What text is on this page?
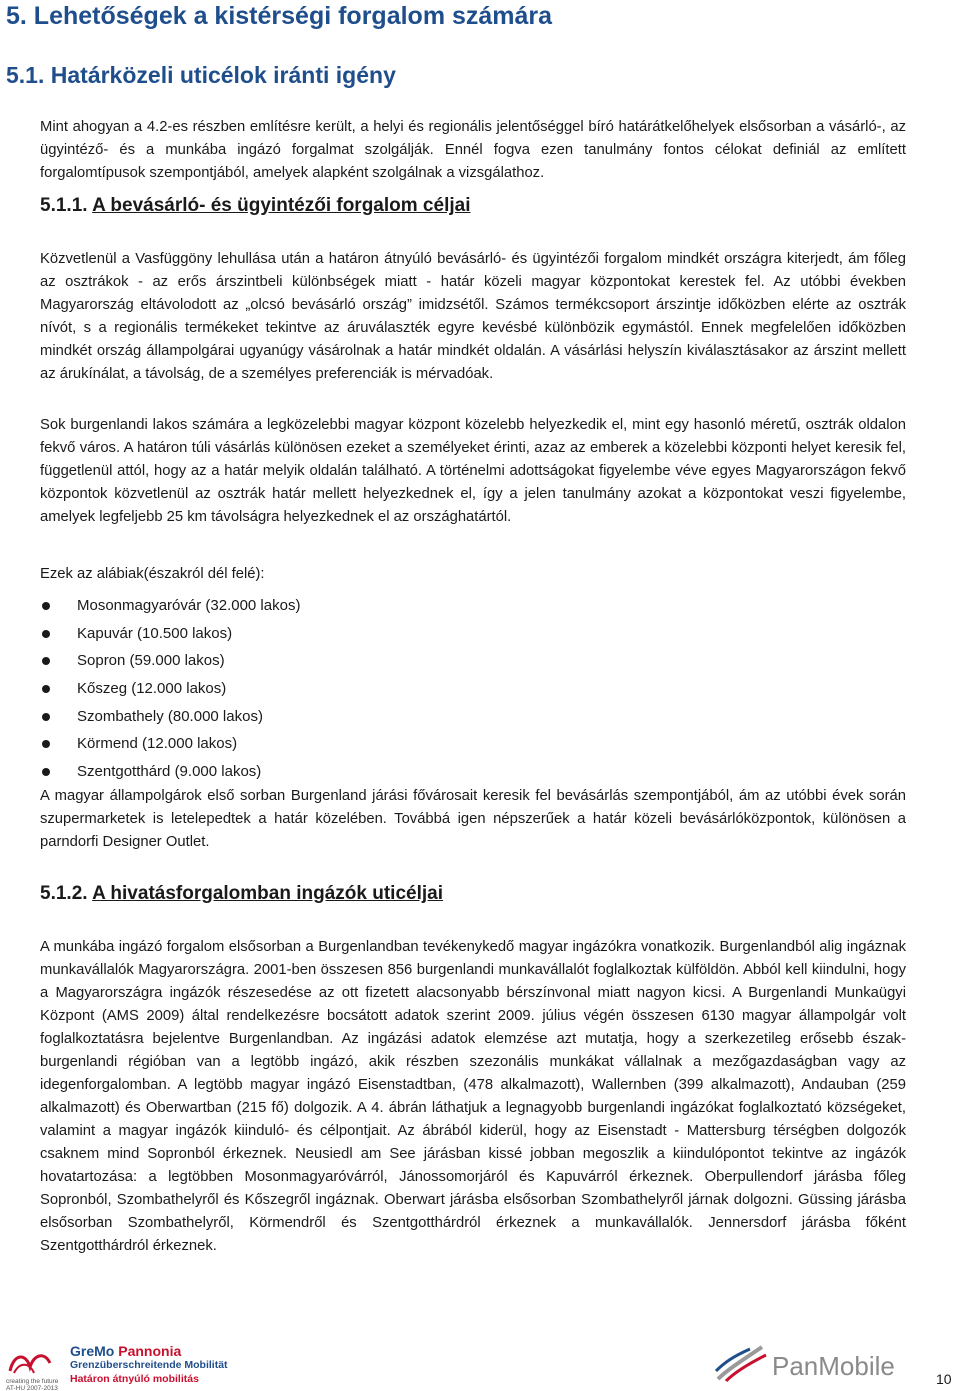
5. Lehetőségek a kistérségi forgalom számára
5.1. Határközeli uticélok iránti igény

Mint ahogyan a 4.2-es részben említésre került, a helyi és regionális jelentőséggel bíró határátkelőhelyek elsősorban a vásárló-, az ügyintéző- és a munkába ingázó forgalmat szolgálják. Ennél fogva ezen tanulmány fontos célokat definiál az említett forgalomtípusok szempontjából, amelyek alapként szolgálnak a vizsgálathoz.

5.1.1. A bevásárló- és ügyintézői forgalom céljai

Közvetlenül a Vasfüggöny lehullása után a határon átnyúló bevásárló- és ügyintézői forgalom mindkét országra kiterjedt, ám főleg az osztrákok - az erős árszintbeli különbségek miatt - határ közeli magyar központokat kerestek fel. Az utóbbi években Magyarország eltávolodott az „olcsó bevásárló ország” imidzsétől. Számos termékcsoport árszintje időközben elérte az osztrák nívót, s a regionális termékeket tekintve az áruválaszték egyre kevésbé különbözik egymástól. Ennek megfelelően időközben mindkét ország állampolgárai ugyanúgy vásárolnak a határ mindkét oldalán. A vásárlási helyszín kiválasztásakor az árszint mellett az árukínálat, a távolság, de a személyes preferenciák is mérvadóak.

Sok burgenlandi lakos számára a legközelebbi magyar központ közelebb helyezkedik el, mint egy hasonló méretű, osztrák oldalon fekvő város. A határon túli vásárlás különösen ezeket a személyeket érinti, azaz az emberek a közelebbi központi helyet keresik fel, függetlenül attól, hogy az a határ melyik oldalán található. A történelmi adottságokat figyelembe véve egyes Magyarországon fekvő központok közvetlenül az osztrák határ mellett helyezkednek el, így a jelen tanulmány azokat a központokat veszi figyelembe, amelyek legfeljebb 25 km távolságra helyezkednek el az országhatártól.

Ezek az alábiak(északról dél felé):

Mosonmagyaróvár (32.000 lakos)
Kapuvár (10.500 lakos)
Sopron (59.000 lakos)
Kőszeg (12.000 lakos)
Szombathely (80.000 lakos)
Körmend (12.000 lakos)
Szentgotthárd (9.000 lakos)

A magyar állampolgárok első sorban Burgenland járási fővárosait keresik fel bevásárlás szempontjából, ám az utóbbi évek során szupermarketek is letelepedtek a határ közelében. Továbbá igen népszerűek a határ közeli bevásárlóközpontok, különösen a parndorfi Designer Outlet.

5.1.2. A hivatásforgalomban ingázók uticéljai

A munkába ingázó forgalom elsősorban a Burgenlandban tevékenykedő magyar ingázókra vonatkozik. Burgenlandból alig ingáznak munkavállalók Magyarországra. 2001-ben összesen 856 burgenlandi munkavállalót foglalkoztak külföldön. Abból kell kiindulni, hogy a Magyarországra ingázók részesedése az ott fizetett alacsonyabb bérszínvonal miatt nagyon kicsi. A Burgenlandi Munkaügyi Központ (AMS 2009) által rendelkezésre bocsátott adatok szerint 2009. július végén összesen 6130 magyar állampolgár volt foglalkoztatásra bejelentve Burgenlandban. Az ingázási adatok elemzése azt mutatja, hogy a szerkezetileg erősebb észak-burgenlandi régióban van a legtöbb ingázó, akik részben szezonális munkákat vállalnak a mezőgazdaságban vagy az idegenforgalomban. A legtöbb magyar ingázó Eisenstadtban, (478 alkalmazott), Wallernben (399 alkalmazott), Andauban (259 alkalmazott) és Oberwartban (215 fő) dolgozik. A 4. ábrán láthatjuk a legnagyobb burgenlandi ingázókat foglalkoztató községeket, valamint a magyar ingázók kiinduló- és célpontjait. Az ábrából kiderül, hogy az Eisenstadt - Mattersburg térségben dolgozók csaknem mind Sopronból érkeznek. Neusiedl am See járásban kissé jobban megoszlik a kiindulópontot tekintve az ingázók hovatartozása: a legtöbben Mosonmagyaróvárról, Jánossomorjáról és Kapuvárról érkeznek. Oberpullendorf járásba főleg Sopronból, Szombathelyről és Kőszegről ingáznak. Oberwart járásba elsősorban Szombathelyről járnak dolgozni. Güssing járásba elsősorban Szombathelyről, Körmendről és Szentgotthárdról érkeznek a munkavállalók. Jennersdorf járásba főként Szentgotthárdról érkeznek.

creating the future
AT-HU 2007-2013
GreMo Pannonia
Grenzüberschreitende Mobilität
Határon átnyúló mobilitás	PanMobile	10
